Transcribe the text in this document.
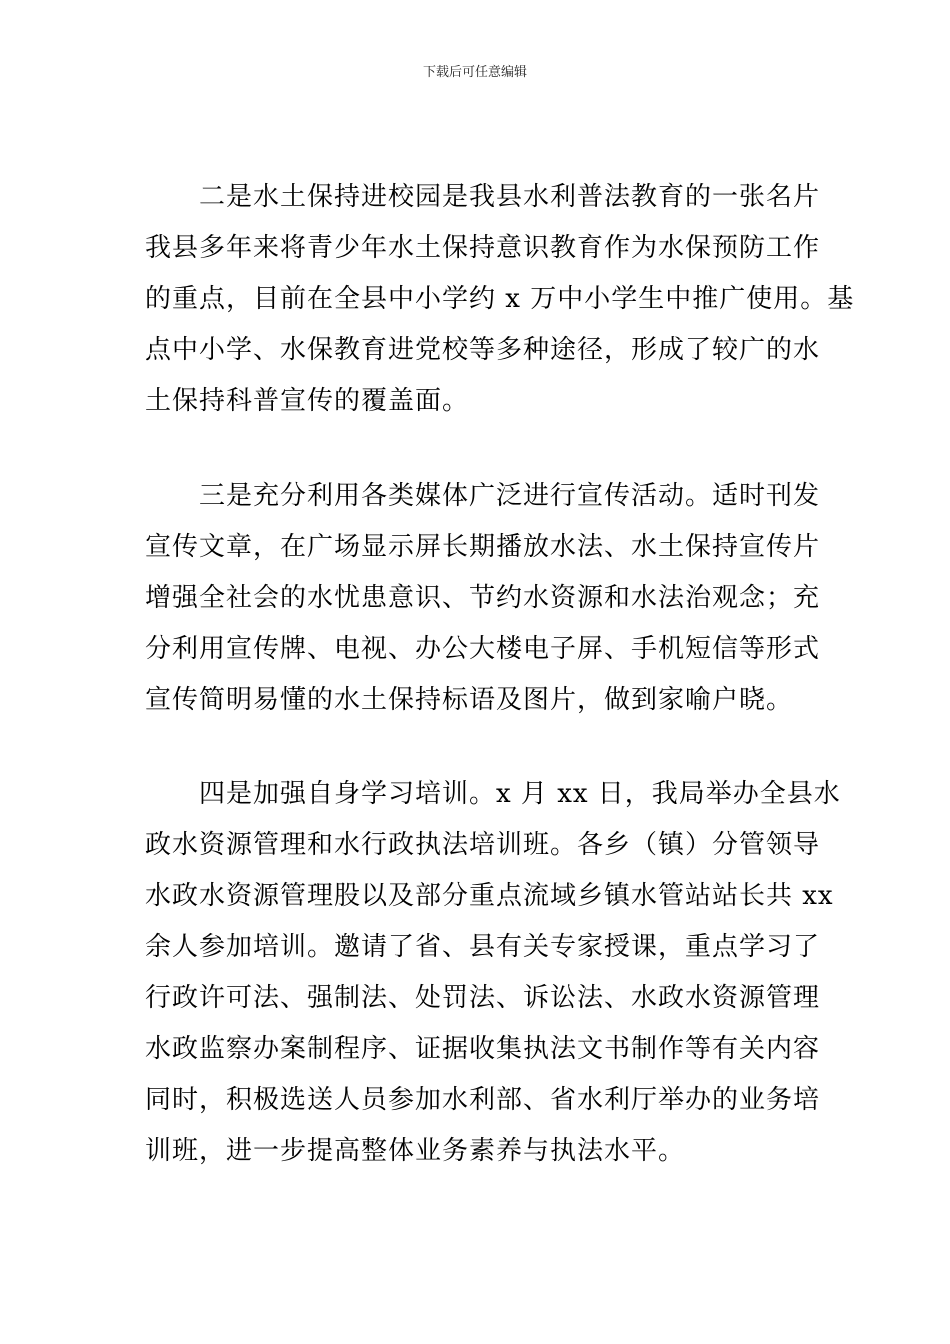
下载后可任意编辑
二是水土保持进校园是我县水利普法教育的一张名片
我县多年来将青少年水土保持意识教育作为水保预防工作
的重点，目前在全县中小学约 x 万中小学生中推广使用。基
点中小学、水保教育进党校等多种途径，形成了较广的水
土保持科普宣传的覆盖面。
三是充分利用各类媒体广泛进行宣传活动。适时刊发
宣传文章，在广场显示屏长期播放水法、水土保持宣传片
增强全社会的水忧患意识、节约水资源和水法治观念；充
分利用宣传牌、电视、办公大楼电子屏、手机短信等形式
宣传简明易懂的水土保持标语及图片，做到家喻户晓。
四是加强自身学习培训。x 月 xx 日，我局举办全县水
政水资源管理和水行政执法培训班。各乡（镇）分管领导
水政水资源管理股以及部分重点流域乡镇水管站站长共 xx
余人参加培训。邀请了省、县有关专家授课，重点学习了
行政许可法、强制法、处罚法、诉讼法、水政水资源管理
水政监察办案制程序、证据收集执法文书制作等有关内容
同时，积极选送人员参加水利部、省水利厅举办的业务培
训班，进一步提高整体业务素养与执法水平。
